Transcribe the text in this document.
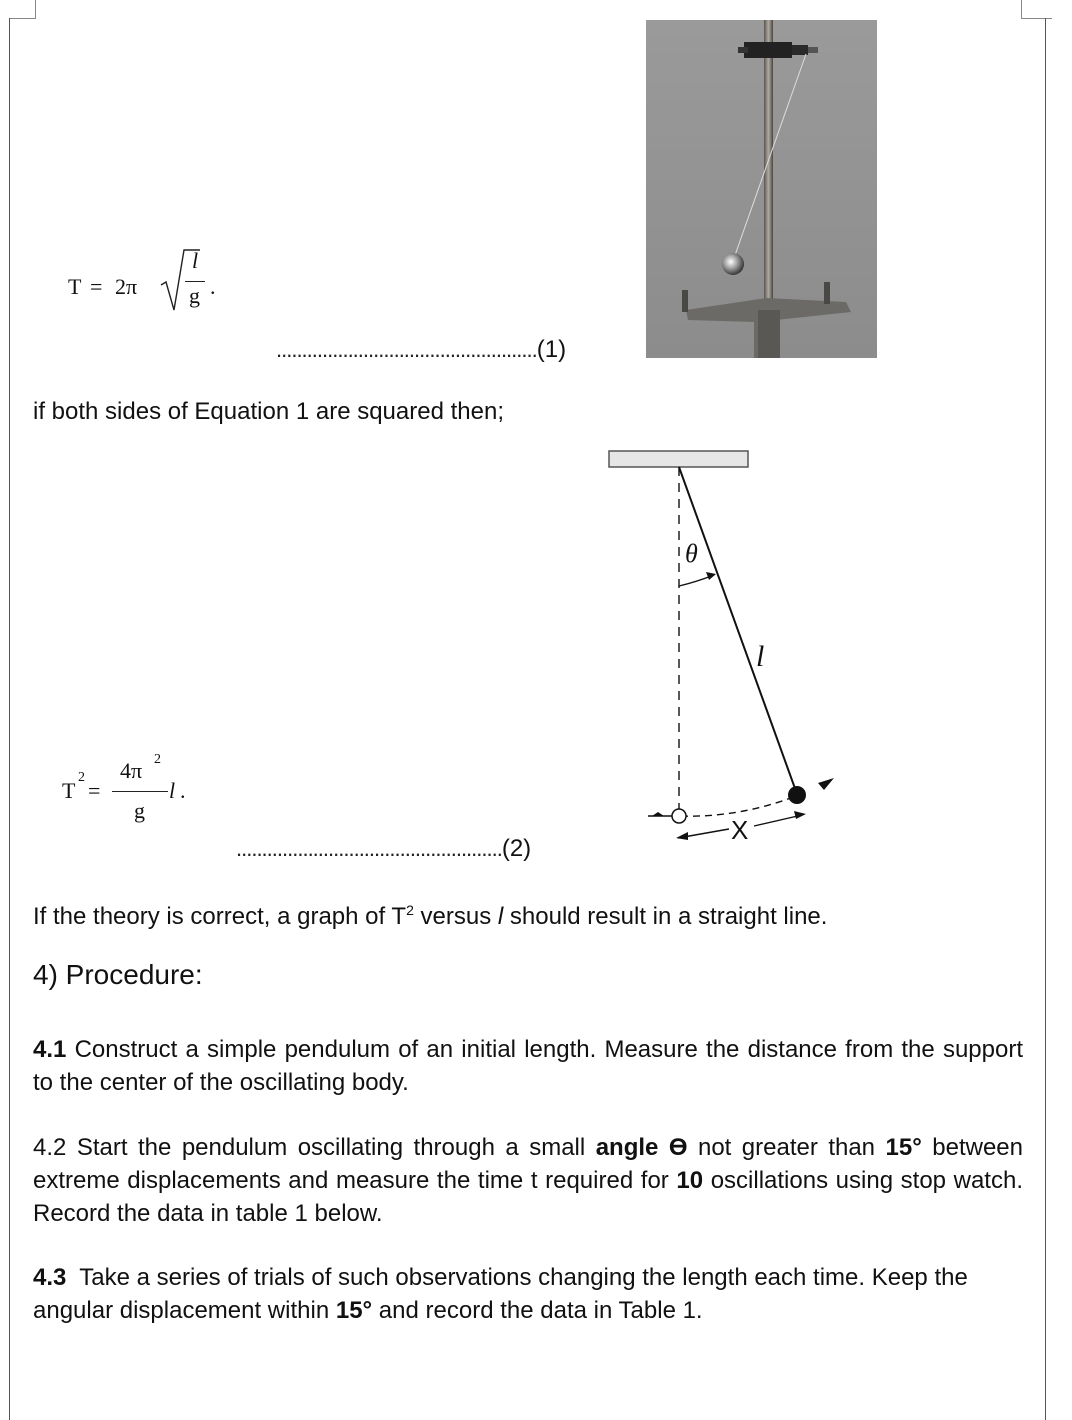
T = 2π
l
g .
...................................................(1)
if both sides of Equation 1 are squared then;
θ
l
X
T
2
=
4π 2
g
l .
....................................................(2)
If the theory is correct, a graph of $T^2$ versus l should result in a straight line.
4) Procedure:
4.1 Construct a simple pendulum of an initial length. Measure the distance from the support to the center of the oscillating body.
4.2 Start the pendulum oscillating through a small angle ϴ not greater than 15° between extreme displacements and measure the time t required for 10 oscillations using stop watch. Record the data in table 1 below.
4.3  Take a series of trials of such observations changing the length each time. Keep the angular displacement within 15° and record the data in Table 1.
